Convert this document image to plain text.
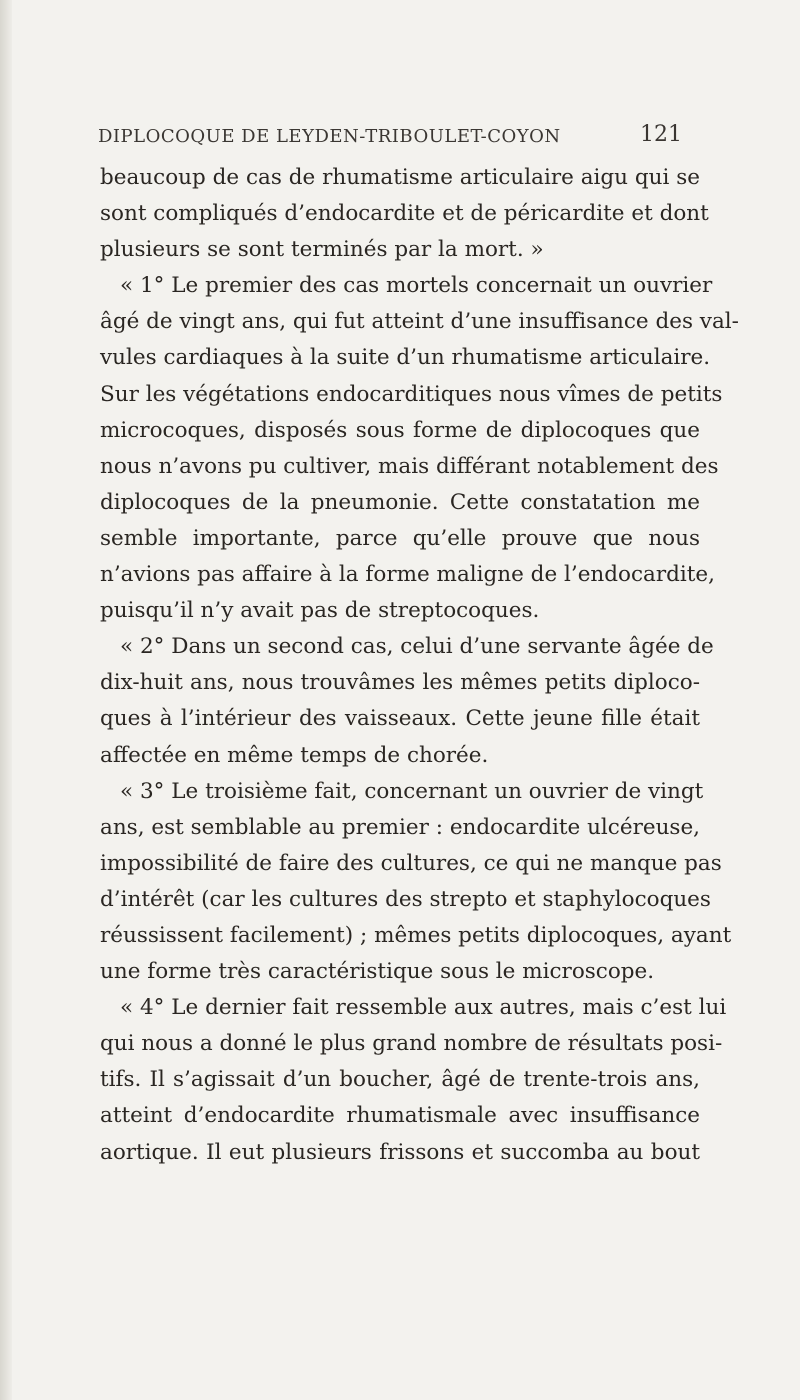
DIPLOCOQUE DE LEYDEN-TRIBOULET-COYON	121
beaucoup de cas de rhumatisme articulaire aigu qui se
sont compliqués d’endocardite et de péricardite et dont
plusieurs se sont terminés par la mort. »
« 1° Le premier des cas mortels concernait un ouvrier
âgé de vingt ans, qui fut atteint d’une insuffisance des val-
vules cardiaques à la suite d’un rhumatisme articulaire.
Sur les végétations endocarditiques nous vîmes de petits
microcoques, disposés sous forme de diplocoques que
nous n’avons pu cultiver, mais différant notablement des
diplocoques de la pneumonie. Cette constatation me
semble importante, parce qu’elle prouve que nous
n’avions pas affaire à la forme maligne de l’endocardite,
puisqu’il n’y avait pas de streptocoques.
« 2° Dans un second cas, celui d’une servante âgée de
dix-huit ans, nous trouvâmes les mêmes petits diploco-
ques à l’intérieur des vaisseaux. Cette jeune fille était
affectée en même temps de chorée.
« 3° Le troisième fait, concernant un ouvrier de vingt
ans, est semblable au premier : endocardite ulcéreuse,
impossibilité de faire des cultures, ce qui ne manque pas
d’intérêt (car les cultures des strepto et staphylocoques
réussissent facilement) ; mêmes petits diplocoques, ayant
une forme très caractéristique sous le microscope.
« 4° Le dernier fait ressemble aux autres, mais c’est lui
qui nous a donné le plus grand nombre de résultats posi-
tifs. Il s’agissait d’un boucher, âgé de trente-trois ans,
atteint d’endocardite rhumatismale avec insuffisance
aortique. Il eut plusieurs frissons et succomba au bout
